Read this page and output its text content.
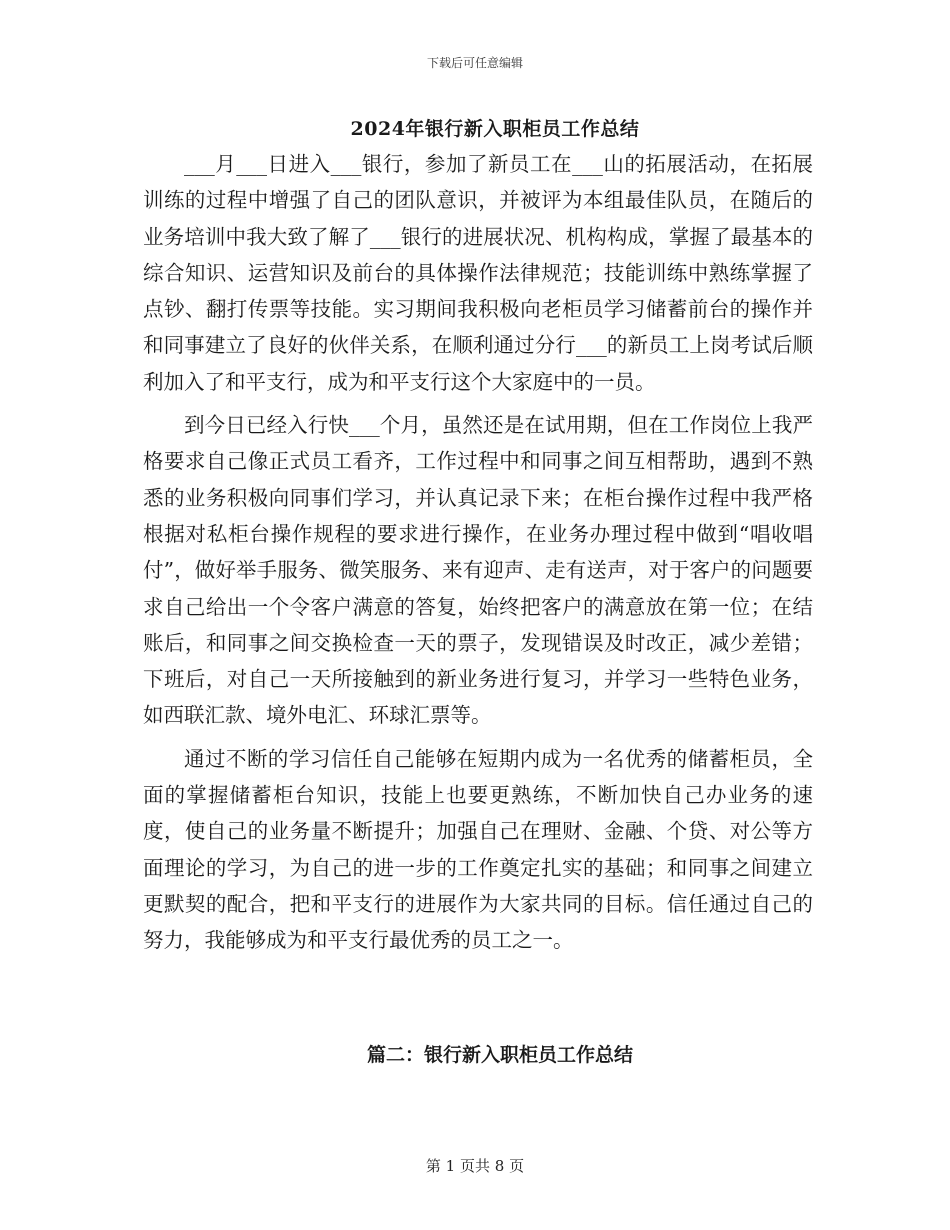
下载后可任意编辑
2024年银行新入职柜员工作总结

___月___日进入___银行，参加了新员工在___山的拓展活动，在拓展训练的过程中增强了自己的团队意识，并被评为本组最佳队员，在随后的业务培训中我大致了解了___银行的进展状况、机构构成，掌握了最基本的综合知识、运营知识及前台的具体操作法律规范；技能训练中熟练掌握了点钞、翻打传票等技能。实习期间我积极向老柜员学习储蓄前台的操作并和同事建立了良好的伙伴关系，在顺利通过分行___的新员工上岗考试后顺利加入了和平支行，成为和平支行这个大家庭中的一员。

到今日已经入行快___个月，虽然还是在试用期，但在工作岗位上我严格要求自己像正式员工看齐，工作过程中和同事之间互相帮助，遇到不熟悉的业务积极向同事们学习，并认真记录下来；在柜台操作过程中我严格根据对私柜台操作规程的要求进行操作，在业务办理过程中做到“唱收唱付”，做好举手服务、微笑服务、来有迎声、走有送声，对于客户的问题要求自己给出一个令客户满意的答复，始终把客户的满意放在第一位；在结账后，和同事之间交换检查一天的票子，发现错误及时改正，减少差错；下班后，对自己一天所接触到的新业务进行复习，并学习一些特色业务，如西联汇款、境外电汇、环球汇票等。

通过不断的学习信任自己能够在短期内成为一名优秀的储蓄柜员，全面的掌握储蓄柜台知识，技能上也要更熟练，不断加快自己办业务的速度，使自己的业务量不断提升；加强自己在理财、金融、个贷、对公等方面理论的学习，为自己的进一步的工作奠定扎实的基础；和同事之间建立更默契的配合，把和平支行的进展作为大家共同的目标。信任通过自己的努力，我能够成为和平支行最优秀的员工之一。

篇二：银行新入职柜员工作总结
第 1 页共 8 页
